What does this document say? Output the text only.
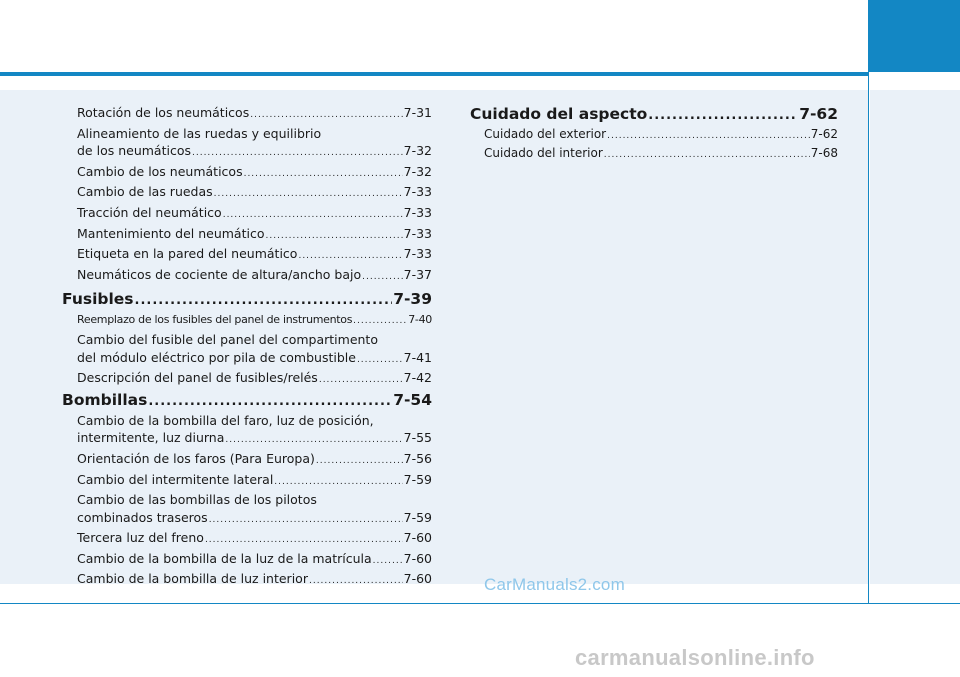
Rotación de los neumáticos .....	7-31
Alineamiento de las ruedas y equilibrio
de los neumáticos .....	7-32
Cambio de los neumáticos .....	7-32
Cambio de las ruedas .....	7-33
Tracción del neumático .....	7-33
Mantenimiento del neumático .....	7-33
Etiqueta en la pared del neumático .....	7-33
Neumáticos de cociente de altura/ancho bajo .....	7-37
Fusibles .....	7-39
Reemplazo de los fusibles del panel de instrumentos .....	7-40
Cambio del fusible del panel del compartimento
del módulo eléctrico por pila de combustible .....	7-41
Descripción del panel de fusibles/relés .....	7-42
Bombillas .....	7-54
Cambio de la bombilla del faro, luz de posición,
intermitente, luz diurna .....	7-55
Orientación de los faros (Para Europa) .....	7-56
Cambio del intermitente lateral .....	7-59
Cambio de las bombillas de los pilotos
combinados traseros .....	7-59
Tercera luz del freno .....	7-60
Cambio de la bombilla de la luz de la matrícula .....	7-60
Cambio de la bombilla de luz interior .....	7-60
Cuidado del aspecto .....	7-62
Cuidado del exterior .....	7-62
Cuidado del interior .....	7-68
CarManuals2.com
carmanualsonline.info
